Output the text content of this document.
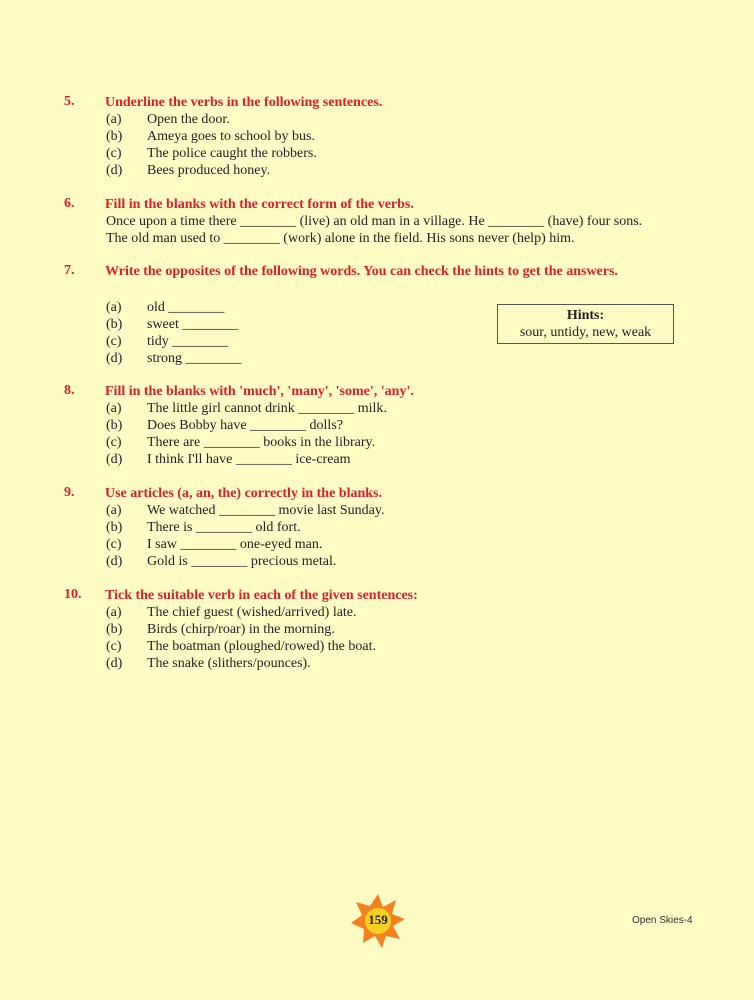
5. Underline the verbs in the following sentences.
(a) Open the door.
(b) Ameya goes to school by bus.
(c) The police caught the robbers.
(d) Bees produced honey.
6. Fill in the blanks with the correct form of the verbs.
Once upon a time there ________ (live) an old man in a village. He ________ (have) four sons.
The old man used to ________ (work) alone in the field. His sons never (help) him.
7. Write the opposites of the following words. You can check the hints to get the answers.
(a) old ________
(b) sweet ________
(c) tidy ________
(d) strong ________
Hints:
sour, untidy, new, weak
8. Fill in the blanks with 'much', 'many', 'some', 'any'.
(a) The little girl cannot drink ________ milk.
(b) Does Bobby have ________ dolls?
(c) There are ________ books in the library.
(d) I think I'll have ________ ice-cream
9. Use articles (a, an, the) correctly in the blanks.
(a) We watched ________ movie last Sunday.
(b) There is ________ old fort.
(c) I saw ________ one-eyed man.
(d) Gold is ________ precious metal.
10. Tick the suitable verb in each of the given sentences:
(a) The chief guest (wished/arrived) late.
(b) Birds (chirp/roar) in the morning.
(c) The boatman (ploughed/rowed) the boat.
(d) The snake (slithers/pounces).
159	Open Skies-4
